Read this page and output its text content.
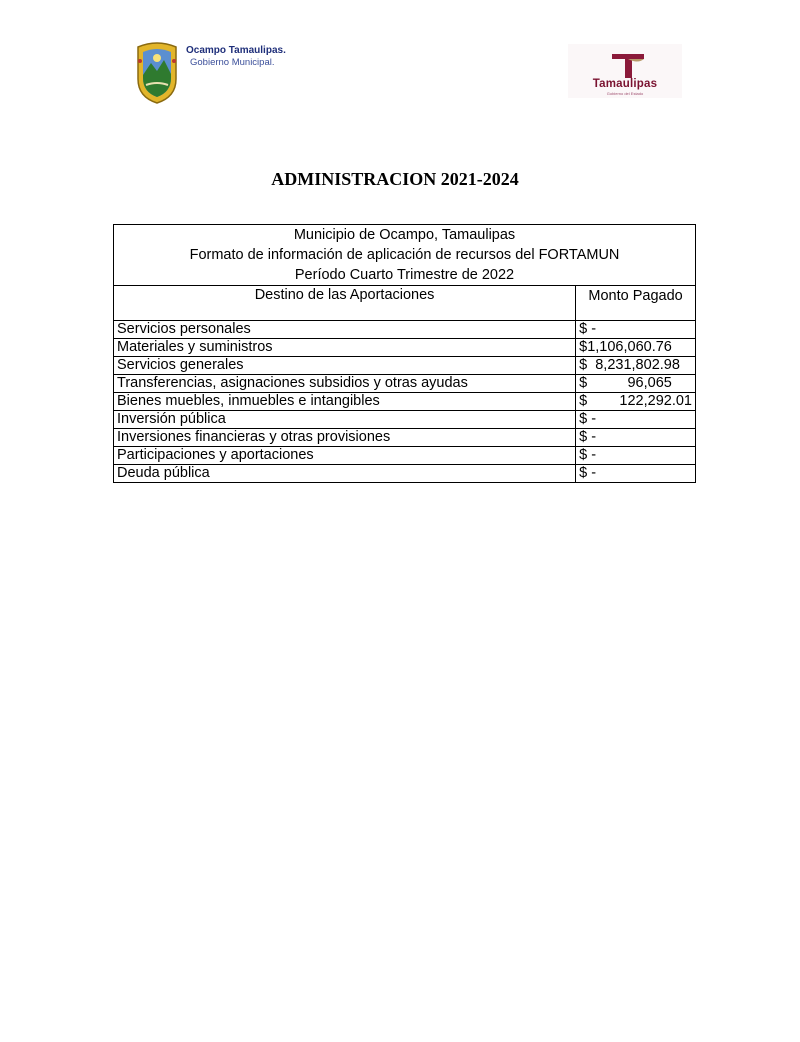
Ocampo Tamaulipas.
Gobierno Municipal.
Tamaulipas
Gobierno del Estado
ADMINISTRACION 2021-2024
Municipio de Ocampo, Tamaulipas
Formato de información de aplicación de recursos del FORTAMUN
Período Cuarto Trimestre de 2022	

Destino de las Aportaciones	Monto Pagado
Servicios personales	$ -
Materiales y suministros	$1,106,060.76
Servicios generales	$  8,231,802.98
Transferencias, asignaciones subsidios y otras ayudas	$          96,065
Bienes muebles, inmuebles e intangibles	$        122,292.01
Inversión pública	$ -
Inversiones financieras y otras provisiones	$ -
Participaciones y aportaciones	$ -
Deuda pública	$ -
